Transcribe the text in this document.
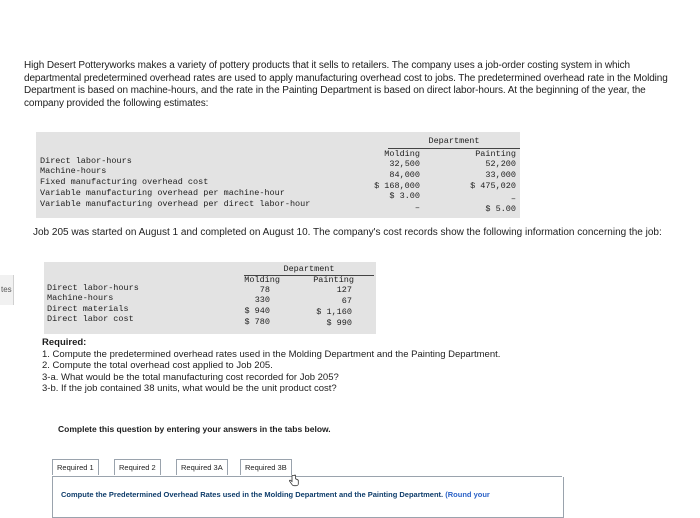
tes
High Desert Potteryworks makes a variety of pottery products that it sells to retailers. The company uses a job-order costing system in which departmental predetermined overhead rates are used to apply manufacturing overhead cost to jobs. The predetermined overhead rate in the Molding Department is based on machine-hours, and the rate in the Painting Department is based on direct labor-hours. At the beginning of the year, the company provided the following estimates:
Department
Molding	Painting
Direct labor-hours	32,500	52,200
Machine-hours	84,000	33,000
Fixed manufacturing overhead cost	$ 168,000	$ 475,020
Variable manufacturing overhead per machine-hour	$ 3.00	–
Variable manufacturing overhead per direct labor-hour	–	$ 5.00
Job 205 was started on August 1 and completed on August 10. The company's cost records show the following information concerning the job:
Department
Molding	Painting
Direct labor-hours	78	127
Machine-hours	330	67
Direct materials	$ 940	$ 1,160
Direct labor cost	$ 780	$ 990
Required:
1. Compute the predetermined overhead rates used in the Molding Department and the Painting Department.
2. Compute the total overhead cost applied to Job 205.
3-a. What would be the total manufacturing cost recorded for Job 205?
3-b. If the job contained 38 units, what would be the unit product cost?
Complete this question by entering your answers in the tabs below.
Required 1	Required 2	Required 3A	Required 3B
Compute the Predetermined Overhead Rates used in the Molding Department and the Painting Department. (Round your
